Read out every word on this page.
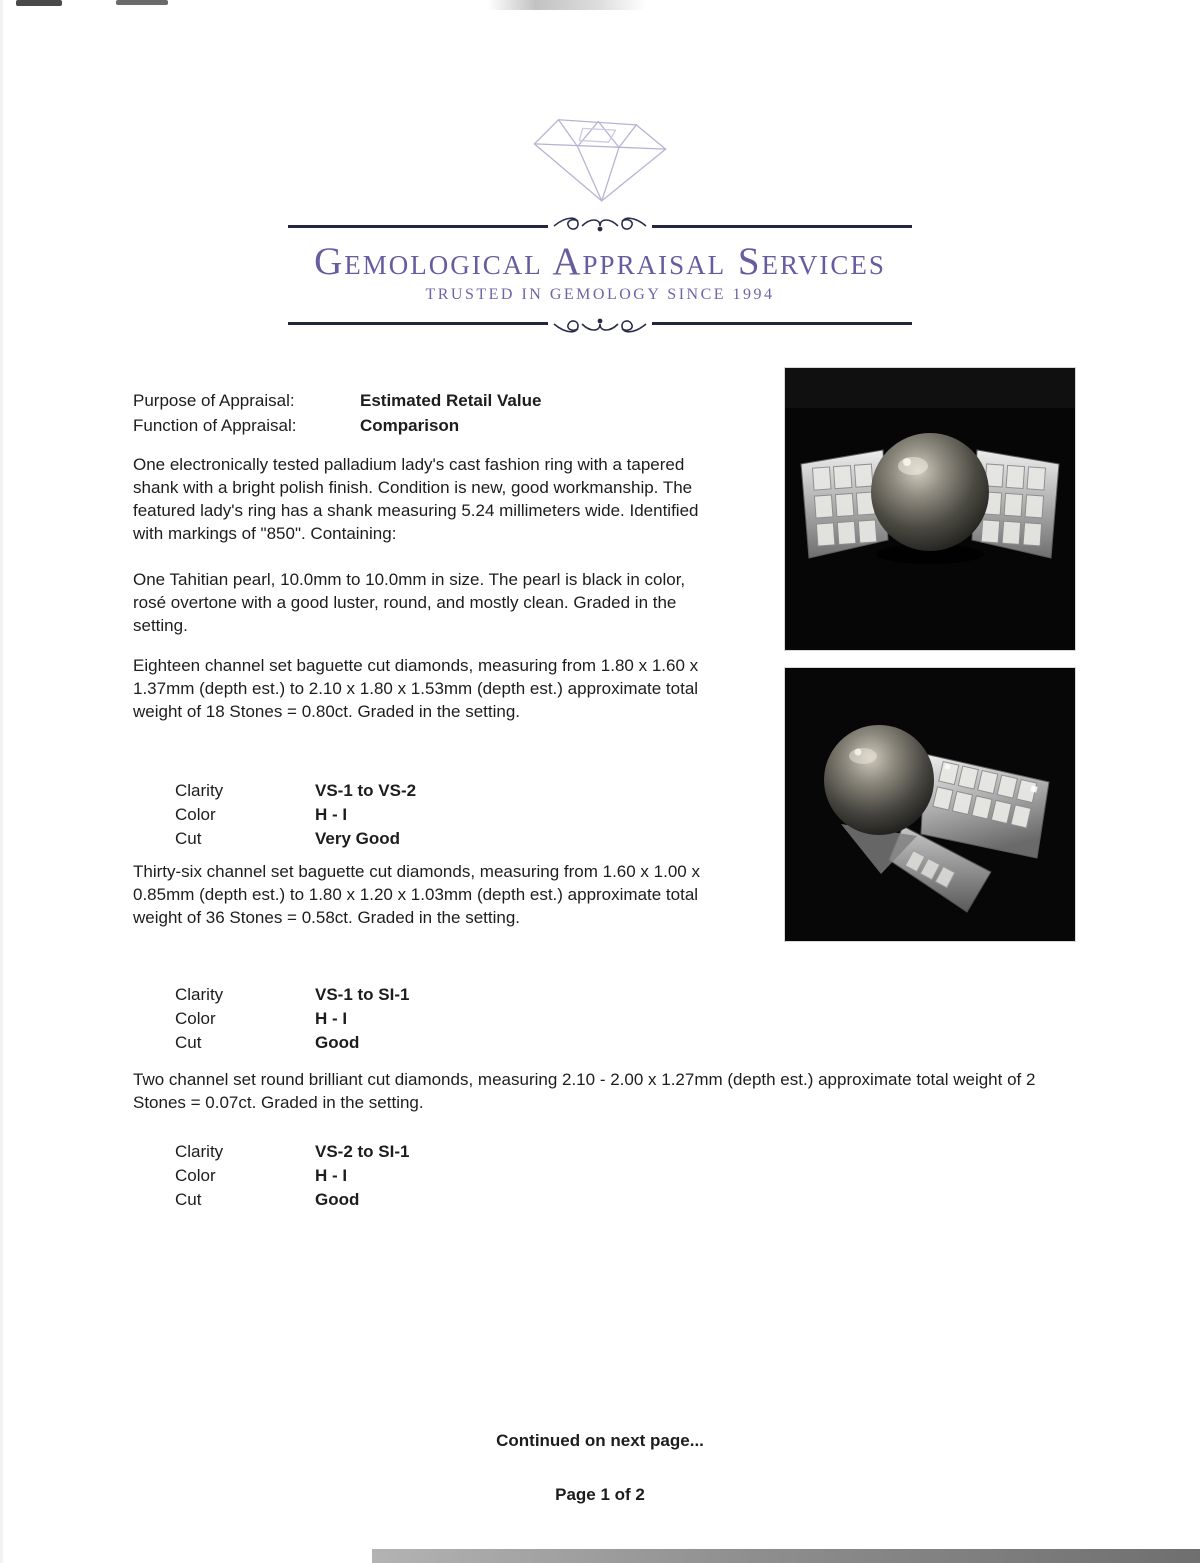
Gemological Appraisal Services
TRUSTED IN GEMOLOGY SINCE 1994
Purpose of Appraisal:	Estimated Retail Value
Function of Appraisal:	Comparison

One electronically tested palladium lady's cast fashion ring with a tapered shank with a bright polish finish. Condition is new, good workmanship. The featured lady's ring has a shank measuring 5.24 millimeters wide. Identified with markings of "850". Containing:

One Tahitian pearl, 10.0mm to 10.0mm in size. The pearl is black in color, rosé overtone with a good luster, round, and mostly clean. Graded in the setting.

Eighteen channel set baguette cut diamonds, measuring from 1.80 x 1.60 x 1.37mm (depth est.) to 2.10 x 1.80 x 1.53mm (depth est.) approximate total weight of 18 Stones = 0.80ct. Graded in the setting.

Clarity	VS-1 to VS-2
Color	H - I
Cut	Very Good

Thirty-six channel set baguette cut diamonds, measuring from 1.60 x 1.00 x 0.85mm (depth est.) to 1.80 x 1.20 x 1.03mm (depth est.) approximate total weight of 36 Stones = 0.58ct. Graded in the setting.

Clarity	VS-1 to SI-1
Color	H - I
Cut	Good

Two channel set round brilliant cut diamonds, measuring 2.10 - 2.00 x 1.27mm (depth est.) approximate total weight of 2 Stones = 0.07ct. Graded in the setting.

Clarity	VS-2 to SI-1
Color	H - I
Cut	Good
Continued on next page...
Page 1 of 2
